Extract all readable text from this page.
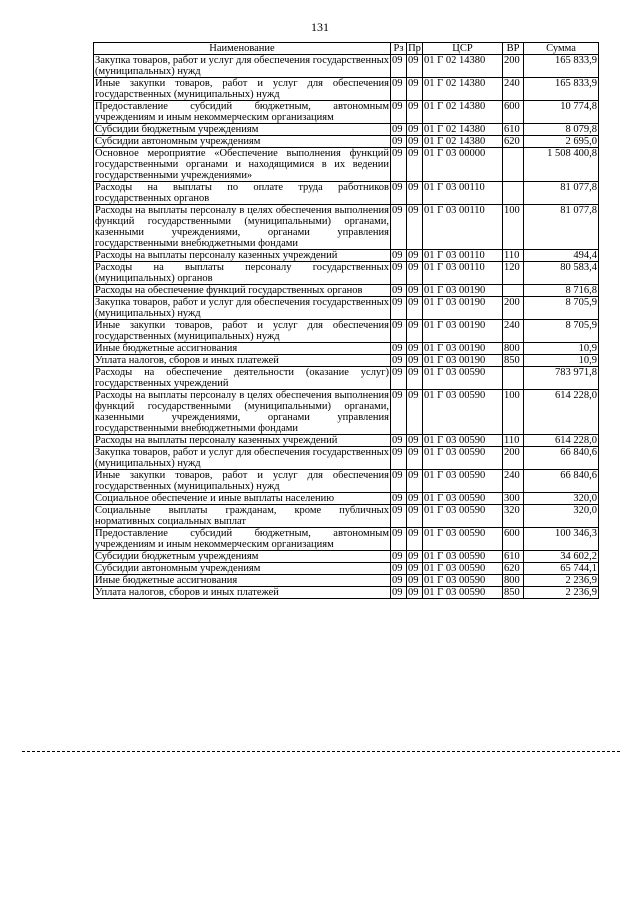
131
Наименование	Рз	Пр	ЦСР	ВР	Сумма
Закупка товаров, работ и услуг для обеспечения государственных (муниципальных) нужд	09	09	01 Г 02 14380	200	165 833,9
Иные закупки товаров, работ и услуг для обеспечения государственных (муниципальных) нужд	09	09	01 Г 02 14380	240	165 833,9
Предоставление субсидий бюджетным, автономным учреждениям и иным некоммерческим организациям	09	09	01 Г 02 14380	600	10 774,8
Субсидии бюджетным учреждениям	09	09	01 Г 02 14380	610	8 079,8
Субсидии автономным учреждениям	09	09	01 Г 02 14380	620	2 695,0
Основное мероприятие «Обеспечение выполнения функций государственными органами и находящимися в их ведении государственными учреждениями»	09	09	01 Г 03 00000		1 508 400,8
Расходы на выплаты по оплате труда работников государственных органов	09	09	01 Г 03 00110		81 077,8
Расходы на выплаты персоналу в целях обеспечения выполнения функций государственными (муниципальными) органами, казенными учреждениями, органами управления государственными внебюджетными фондами	09	09	01 Г 03 00110	100	81 077,8
Расходы на выплаты персоналу казенных учреждений	09	09	01 Г 03 00110	110	494,4
Расходы на выплаты персоналу государственных (муниципальных) органов	09	09	01 Г 03 00110	120	80 583,4
Расходы на обеспечение функций государственных органов	09	09	01 Г 03 00190		8 716,8
Закупка товаров, работ и услуг для обеспечения государственных (муниципальных) нужд	09	09	01 Г 03 00190	200	8 705,9
Иные закупки товаров, работ и услуг для обеспечения государственных (муниципальных) нужд	09	09	01 Г 03 00190	240	8 705,9
Иные бюджетные ассигнования	09	09	01 Г 03 00190	800	10,9
Уплата налогов, сборов и иных платежей	09	09	01 Г 03 00190	850	10,9
Расходы на обеспечение деятельности (оказание услуг) государственных учреждений	09	09	01 Г 03 00590		783 971,8
Расходы на выплаты персоналу в целях обеспечения выполнения функций государственными (муниципальными) органами, казенными учреждениями, органами управления государственными внебюджетными фондами	09	09	01 Г 03 00590	100	614 228,0
Расходы на выплаты персоналу казенных учреждений	09	09	01 Г 03 00590	110	614 228,0
Закупка товаров, работ и услуг для обеспечения государственных (муниципальных) нужд	09	09	01 Г 03 00590	200	66 840,6
Иные закупки товаров, работ и услуг для обеспечения государственных (муниципальных) нужд	09	09	01 Г 03 00590	240	66 840,6
Социальное обеспечение и иные выплаты населению	09	09	01 Г 03 00590	300	320,0
Социальные выплаты гражданам, кроме публичных нормативных социальных выплат	09	09	01 Г 03 00590	320	320,0
Предоставление субсидий бюджетным, автономным учреждениям и иным некоммерческим организациям	09	09	01 Г 03 00590	600	100 346,3
Субсидии бюджетным учреждениям	09	09	01 Г 03 00590	610	34 602,2
Субсидии автономным учреждениям	09	09	01 Г 03 00590	620	65 744,1
Иные бюджетные ассигнования	09	09	01 Г 03 00590	800	2 236,9
Уплата налогов, сборов и иных платежей	09	09	01 Г 03 00590	850	2 236,9
